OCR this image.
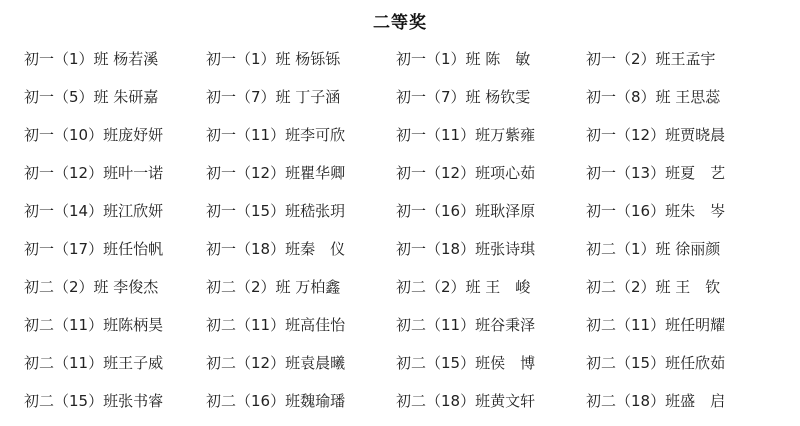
二等奖
初一（1）班 杨若溪	初一（1）班 杨铄铄	初一（1）班 陈　敏	初一（2）班王孟宇
初一（5）班 朱研嘉	初一（7）班 丁子涵	初一（7）班 杨钦雯	初一（8）班 王思蕊
初一（10）班庞妤妍	初一（11）班李可欣	初一（11）班万紫雍	初一（12）班贾晓晨
初一（12）班叶一诺	初一（12）班瞿华卿	初一（12）班项心茹	初一（13）班夏　艺
初一（14）班江欣妍	初一（15）班嵇张玥	初一（16）班耿泽原	初一（16）班朱　岑
初一（17）班任怡帆	初一（18）班秦　仪	初一（18）班张诗琪	初二（1）班 徐丽颜
初二（2）班 李俊杰	初二（2）班 万柏鑫	初二（2）班 王　峻	初二（2）班 王　钦
初二（11）班陈柄昊	初二（11）班高佳怡	初二（11）班谷秉泽	初二（11）班任明耀
初二（11）班王子威	初二（12）班袁晨曦	初二（15）班侯　博	初二（15）班任欣茹
初二（15）班张书睿	初二（16）班魏瑜璠	初二（18）班黄文轩	初二（18）班盛　启
